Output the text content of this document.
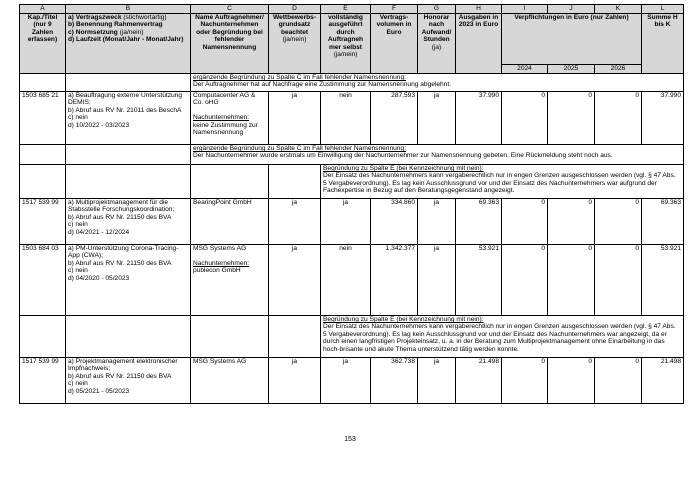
A	B	C	D	E	F	G	H	I	J	K	L
Kap./Titel (nur 9 Zahlen erfassen)	a) Vertragszweck (stichwortartig)
b) Benennung Rahmenvertrag
c) Normsetzung (ja/nein)
d) Laufzeit (Monat/Jahr - Monat/Jahr)	Name Auftragnehmer/ Nachunternehmen oder Begründung bei fehlender Namensnennung	Wettbewerbs-grundsatz beachtet
(ja/nein)	vollständig ausgeführt durch Auftragneh mer selbst
(ja/nein)	Vertrags-volumen in Euro	Honorar nach Aufwand/ Stunden
(ja)	Ausgaben in 2023 in Euro	Verpflichtungen in Euro (nur Zahlen)			Summe H bis K
								2024	2025	2026	

		ergänzende Begründung zu Spalte C im Fall fehlender Namensnennung:
Der Auftragnehmer hat auf Nachfrage eine Zustimmung zur Namensnennung abgelehnt.									

1503 685 21	a) Beauftragung externe Unterstützung DEMIS;
b) Abruf aus RV Nr. 21011 des BeschA
c) nein
d) 10/2022 - 03/2023	Computacenter AG & Co. oHG

Nachunternehmen:
keine Zustimmung zur Namensnennung	ja	nein	287.593	ja	37.990	0	0	0	37.990

		ergänzende Begründung zu Spalte C im Fall fehlender Namensnennung:
Der Nachunternehmer wurde erstmals um Einwilligung der Nachunternehmer zur Namensnennung gebeten. Eine Rückmeldung steht noch aus.									

				Begründung zu Spalte E (bei Kennzeichnung mit nein):
Der Einsatz des Nachunternehmers kann vergaberechtlich nur in engen Grenzen ausgeschlossen werden (vgl. § 47 Abs. 5 Vergabeverordnung). Es lag kein Ausschlussgrund vor und der Einsatz des Nachunternehmers war aufgrund der Fachexpertise in Bezug auf den Beratungsgegenstand angezeigt.							

1517 539 99	a) Multiprojektmanagement für die Stabsstelle Forschungskoordination;
b) Abruf aus RV Nr. 21150 des BVA
c) nein
d) 04/2021 - 12/2024	BearingPoint GmbH	ja	ja	334.860	ja	69.363	0	0	0	69.363
1503 684 03	a) PM-Unterstützung Corona-Tracing-App (CWA);
b) Abruf aus RV Nr. 21150 des BVA
c) nein
d) 04/2020 - 05/2023	MSG Systems AG

Nachunternehmen:
publecon GmbH	ja	nein	1.342.377	ja	53.921	0	0	0	53.921

				Begründung zu Spalte E (bei Kennzeichnung mit nein):
Der Einsatz des Nachunternehmers kann vergaberechtlich nur in engen Grenzen ausgeschlossen werden (vgl. § 47 Abs. 5 Vergabeverordnung). Es lag kein Ausschlussgrund vor und der Einsatz des Nachunternehmers war angezeigt, da er durch einen langfristigen Projekteinsatz, u. a. in der Beratung zum Multiprojektmanagement ohne Einarbeitung in das hoch-brisante und akute Thema unterstützend tätig werden konnte.							

1517 539 99	a) Projektmanagement elektronischer Impfnachweis;
b) Abruf aus RV Nr. 21150 des BVA
c) nein
d) 05/2021 - 05/2023	MSG Systems AG	ja	ja	362.738	ja	21.498	0	0	0	21.498
153
